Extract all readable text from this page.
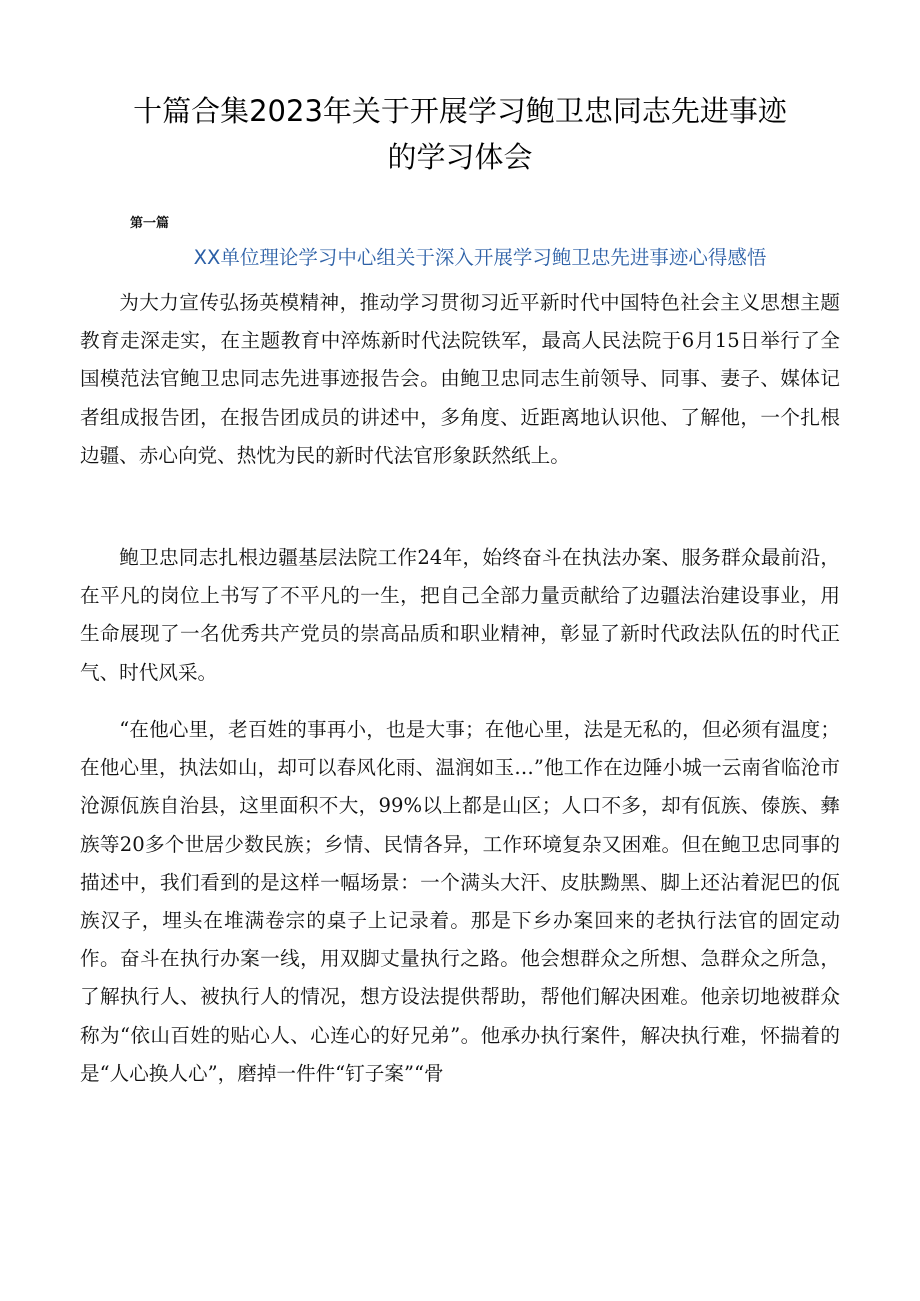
十篇合集2023年关于开展学习鲍卫忠同志先进事迹
的学习体会
第一篇
XX单位理论学习中心组关于深入开展学习鲍卫忠先进事迹心得感悟

为大力宣传弘扬英模精神，推动学习贯彻习近平新时代中国特色社会主义思想主题教育走深走实，在主题教育中淬炼新时代法院铁军，最高人民法院于6月15日举行了全国模范法官鲍卫忠同志先进事迹报告会。由鲍卫忠同志生前领导、同事、妻子、媒体记者组成报告团，在报告团成员的讲述中，多角度、近距离地认识他、了解他，一个扎根边疆、赤心向党、热忱为民的新时代法官形象跃然纸上。

鲍卫忠同志扎根边疆基层法院工作24年，始终奋斗在执法办案、服务群众最前沿，在平凡的岗位上书写了不平凡的一生，把自己全部力量贡献给了边疆法治建设事业，用生命展现了一名优秀共产党员的崇高品质和职业精神，彰显了新时代政法队伍的时代正气、时代风采。

“在他心里，老百姓的事再小，也是大事；在他心里，法是无私的，但必须有温度；在他心里，执法如山，却可以春风化雨、温润如玉…”他工作在边陲小城一云南省临沧市沧源佤族自治县，这里面积不大，99%以上都是山区；人口不多，却有佤族、傣族、彝族等20多个世居少数民族；乡情、民情各异，工作环境复杂又困难。但在鲍卫忠同事的描述中，我们看到的是这样一幅场景：一个满头大汗、皮肤黝黑、脚上还沾着泥巴的佤族汉子，埋头在堆满卷宗的桌子上记录着。那是下乡办案回来的老执行法官的固定动作。奋斗在执行办案一线，用双脚丈量执行之路。他会想群众之所想、急群众之所急，了解执行人、被执行人的情况，想方设法提供帮助，帮他们解决困难。他亲切地被群众称为“依山百姓的贴心人、心连心的好兄弟”。他承办执行案件，解决执行难，怀揣着的是“人心换人心”，磨掉一件件“钉子案”“骨
